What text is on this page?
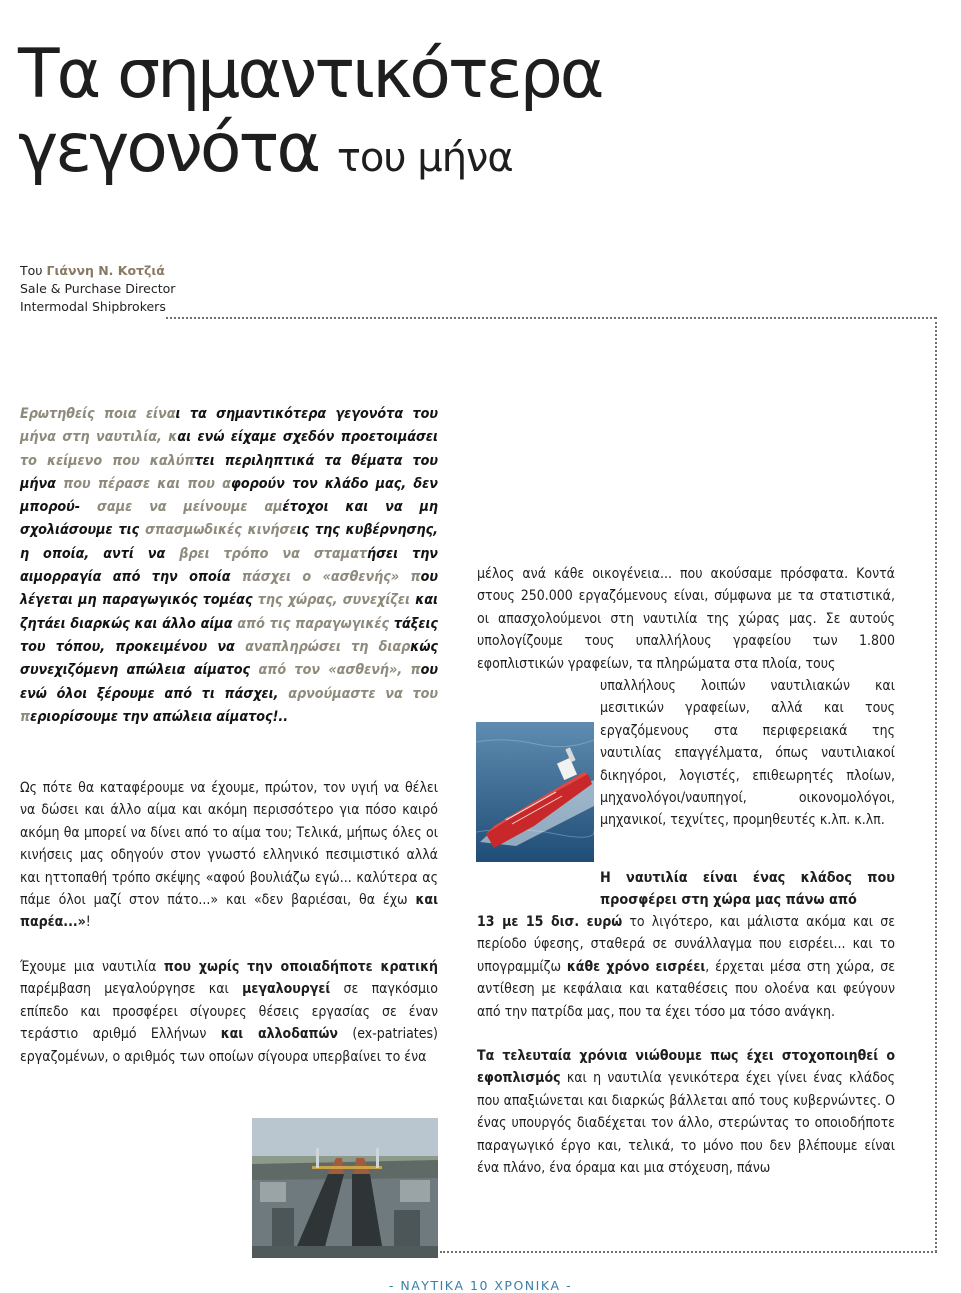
Τα σημαντικότερα
γεγονότα του μήνα
Του Γιάννη Ν. Κοτζιά
Sale & Purchase Director
Intermodal Shipbrokers

Ερωτηθείς ποια είναι τα σημαντικότερα γεγονότα του μήνα στη ναυτιλία, και ενώ είχαμε σχεδόν προετοιμάσει το κείμενο που καλύπτει περιληπτικά τα θέματα του μήνα που πέρασε και που αφορούν τον κλάδο μας, δεν μπορού- σαμε να μείνουμε αμέτοχοι και να μη σχολιάσουμε τις σπασμωδικές κινήσεις της κυβέρνησης, η οποία, αντί να βρει τρόπο να σταματήσει την αιμορραγία από την οποία πάσχει ο «ασθενής» που λέγεται μη παραγωγικός τομέας της χώρας, συνεχίζει και ζητάει διαρκώς και άλλο αίμα από τις παραγωγικές τάξεις του τόπου, προκειμένου να αναπληρώσει τη διαρκώς συνεχιζόμενη απώλεια αίματος από τον «ασθενή», που ενώ όλοι ξέρουμε από τι πάσχει, αρνούμαστε να του περιορίσουμε την απώλεια αίματος!..

Ως πότε θα καταφέρουμε να έχουμε, πρώτον, τον υγιή να θέλει να δώσει και άλλο αίμα και ακόμη περισσότερο για πόσο καιρό ακόμη θα μπορεί να δίνει από το αίμα του; Τελικά, μήπως όλες οι κινήσεις μας οδηγούν στον γνωστό ελληνικό πεσιμιστικό αλλά και ηττοπαθή τρόπο σκέψης «αφού βουλιάζω εγώ... καλύτερα ας πάμε όλοι μαζί στον πάτο...» και «δεν βαριέσαι, θα έχω και παρέα...»!

Έχουμε μια ναυτιλία που χωρίς την οποιαδήποτε κρατική παρέμβαση μεγαλούργησε και μεγαλουργεί σε παγκόσμιο επίπεδο και προσφέρει σίγουρες θέσεις εργασίας σε έναν τεράστιο αριθμό Ελλήνων και αλλοδαπών (ex-patriates) εργαζομένων, ο αριθμός των οποίων σίγουρα υπερβαίνει το ένα

μέλος ανά κάθε οικογένεια... που ακούσαμε πρόσφατα. Κοντά στους 250.000 εργαζόμενους είναι, σύμφωνα με τα στατιστικά, οι απασχολούμενοι στη ναυτιλία της χώρας μας. Σε αυτούς υπολογίζουμε τους υπαλλήλους γραφείου των 1.800 εφοπλιστικών γραφείων, τα πληρώματα στα πλοία, τους

υπαλλήλους λοιπών ναυτιλιακών και μεσιτικών γραφείων, αλλά και τους εργαζόμενους στα περιφερειακά της ναυτιλίας επαγγέλματα, όπως ναυτιλιακοί δικηγόροι, λογιστές, επιθεωρητές πλοίων, μηχανολόγοι/ναυπηγοί, οικονομολόγοι, μηχανικοί, τεχνίτες, προμηθευτές κ.λπ. κ.λπ.

Η ναυτιλία είναι ένας κλάδος που προσφέρει στη χώρα μας πάνω από

13 με 15 δισ. ευρώ το λιγότερο, και μάλιστα ακόμα και σε περίοδο ύφεσης, σταθερά σε συνάλλαγμα που εισρέει... και το υπογραμμίζω κάθε χρόνο εισρέει, έρχεται μέσα στη χώρα, σε αντίθεση με κεφάλαια και καταθέσεις που ολοένα και φεύγουν από την πατρίδα μας, που τα έχει τόσο μα τόσο ανάγκη.

Τα τελευταία χρόνια νιώθουμε πως έχει στοχοποιηθεί ο εφοπλισμός και η ναυτιλία γενικότερα έχει γίνει ένας κλάδος που απαξιώνεται και διαρκώς βάλλεται από τους κυβερνώντες. Ο ένας υπουργός διαδέχεται τον άλλο, στερώντας το οποιοδήποτε παραγωγικό έργο και, τελικά, το μόνο που δεν βλέπουμε είναι ένα πλάνο, ένα όραμα και μια στόχευση, πάνω

- ΝΑΥΤΙΚΑ 10 ΧΡΟΝΙΚΑ -
